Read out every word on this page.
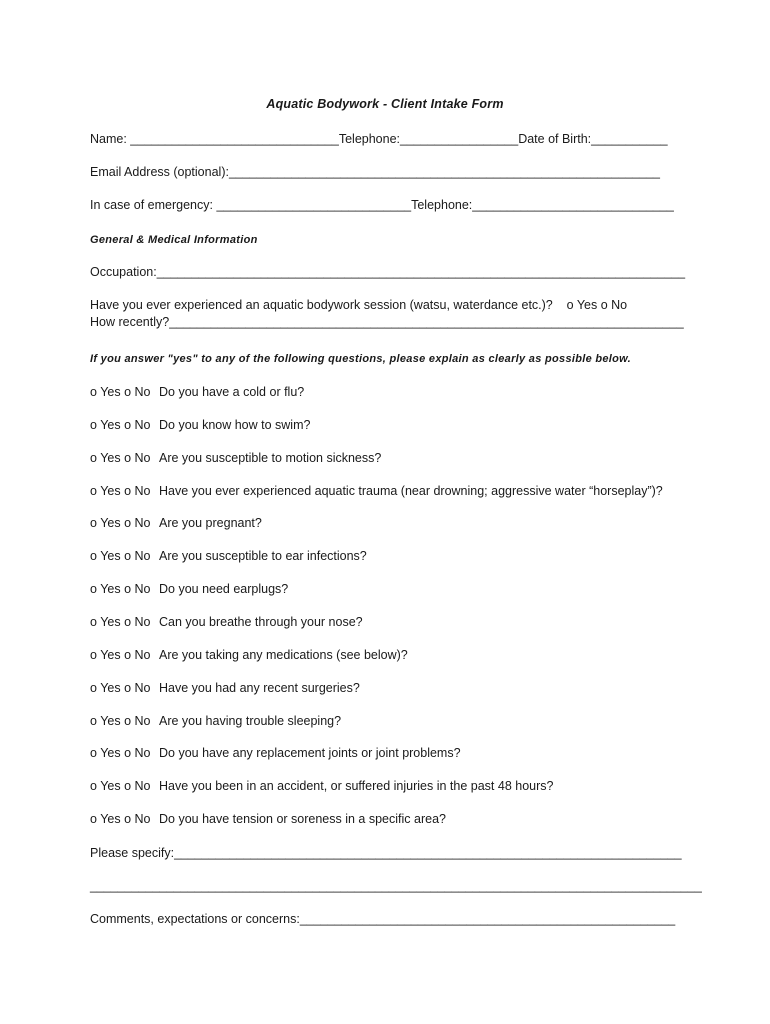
Aquatic Bodywork - Client Intake Form
Name: ______________________________Telephone:_________________Date of Birth:___________
Email Address (optional):______________________________________________________________
In case of emergency: ____________________________Telephone:_____________________________
General & Medical Information
Occupation:____________________________________________________________________________
Have you ever experienced an aquatic bodywork session (watsu, waterdance etc.)?    o Yes o No
How recently?__________________________________________________________________________
If you answer "yes" to any of the following questions, please explain as clearly as possible below.
o Yes o No Do you have a cold or flu?
o Yes o No Do you know how to swim?
o Yes o No Are you susceptible to motion sickness?
o Yes o No Have you ever experienced aquatic trauma (near drowning; aggressive water “horseplay”)?
o Yes o No Are you pregnant?
o Yes o No Are you susceptible to ear infections?
o Yes o No Do you need earplugs?
o Yes o No Can you breathe through your nose?
o Yes o No Are you taking any medications (see below)?
o Yes o No Have you had any recent surgeries?
o Yes o No Are you having trouble sleeping?
o Yes o No Do you have any replacement joints or joint problems?
o Yes o No Have you been in an accident, or suffered injuries in the past 48 hours?
o Yes o No Do you have tension or soreness in a specific area?
Please specify:_________________________________________________________________________
________________________________________________________________________________________
Comments, expectations or concerns:______________________________________________________
